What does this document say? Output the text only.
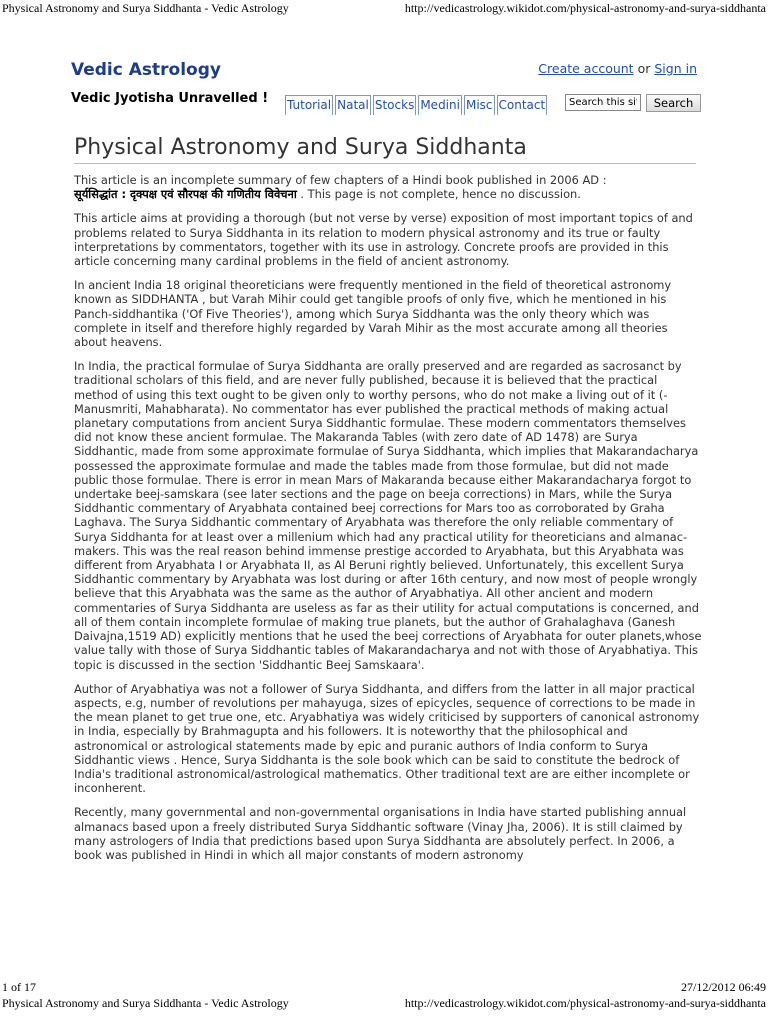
Physical Astronomy and Surya Siddhanta - Vedic Astrology	http://vedicastrology.wikidot.com/physical-astronomy-and-surya-siddhanta
Vedic Astrology
Vedic Jyotisha Unravelled !
Create account or Sign in
Tutorial Natal Stocks Medini Misc Contact
Search this site	Search
Physical Astronomy and Surya Siddhanta

This article is an incomplete summary of few chapters of a Hindi book published in 2006 AD :
सूर्यसिद्धांत : दृक्पक्ष एवं सौरपक्ष की गणितीय विवेचना . This page is not complete, hence no discussion.

This article aims at providing a thorough (but not verse by verse) exposition of most important topics of and problems related to Surya Siddhanta in its relation to modern physical astronomy and its true or faulty interpretations by commentators, together with its use in astrology. Concrete proofs are provided in this article concerning many cardinal problems in the field of ancient astronomy.

In ancient India 18 original theoreticians were frequently mentioned in the field of theoretical astronomy known as SIDDHANTA , but Varah Mihir could get tangible proofs of only five, which he mentioned in his Panch-siddhantika ('Of Five Theories'), among which Surya Siddhanta was the only theory which was complete in itself and therefore highly regarded by Varah Mihir as the most accurate among all theories about heavens.

In India, the practical formulae of Surya Siddhanta are orally preserved and are regarded as sacrosanct by traditional scholars of this field, and are never fully published, because it is believed that the practical method of using this text ought to be given only to worthy persons, who do not make a living out of it (-Manusmriti, Mahabharata). No commentator has ever published the practical methods of making actual planetary computations from ancient Surya Siddhantic formulae. These modern commentators themselves did not know these ancient formulae. The Makaranda Tables (with zero date of AD 1478) are Surya Siddhantic, made from some approximate formulae of Surya Siddhanta, which implies that Makarandacharya possessed the approximate formulae and made the tables made from those formulae, but did not made public those formulae. There is error in mean Mars of Makaranda because either Makarandacharya forgot to undertake beej-samskara (see later sections and the page on beeja corrections) in Mars, while the Surya Siddhantic commentary of Aryabhata contained beej corrections for Mars too as corroborated by Graha Laghava. The Surya Siddhantic commentary of Aryabhata was therefore the only reliable commentary of Surya Siddhanta for at least over a millenium which had any practical utility for theoreticians and almanac-makers. This was the real reason behind immense prestige accorded to Aryabhata, but this Aryabhata was different from Aryabhata I or Aryabhata II, as Al Beruni rightly believed. Unfortunately, this excellent Surya Siddhantic commentary by Aryabhata was lost during or after 16th century, and now most of people wrongly believe that this Aryabhata was the same as the author of Aryabhatiya. All other ancient and modern commentaries of Surya Siddhanta are useless as far as their utility for actual computations is concerned, and all of them contain incomplete formulae of making true planets, but the author of Grahalaghava (Ganesh Daivajna,1519 AD) explicitly mentions that he used the beej corrections of Aryabhata for outer planets,whose value tally with those of Surya Siddhantic tables of Makarandacharya and not with those of Aryabhatiya. This topic is discussed in the section 'Siddhantic Beej Samskaara'.

Author of Aryabhatiya was not a follower of Surya Siddhanta, and differs from the latter in all major practical aspects, e.g, number of revolutions per mahayuga, sizes of epicycles, sequence of corrections to be made in the mean planet to get true one, etc. Aryabhatiya was widely criticised by supporters of canonical astronomy in India, especially by Brahmagupta and his followers. It is noteworthy that the philosophical and astronomical or astrological statements made by epic and puranic authors of India conform to Surya Siddhantic views . Hence, Surya Siddhanta is the sole book which can be said to constitute the bedrock of India's traditional astronomical/astrological mathematics. Other traditional text are are either incomplete or inconherent.

Recently, many governmental and non-governmental organisations in India have started publishing annual almanacs based upon a freely distributed Surya Siddhantic software (Vinay Jha, 2006). It is still claimed by many astrologers of India that predictions based upon Surya Siddhanta are absolutely perfect. In 2006, a book was published in Hindi in which all major constants of modern astronomy

1 of 17	27/12/2012 06:49
Physical Astronomy and Surya Siddhanta - Vedic Astrology	http://vedicastrology.wikidot.com/physical-astronomy-and-surya-siddhanta
